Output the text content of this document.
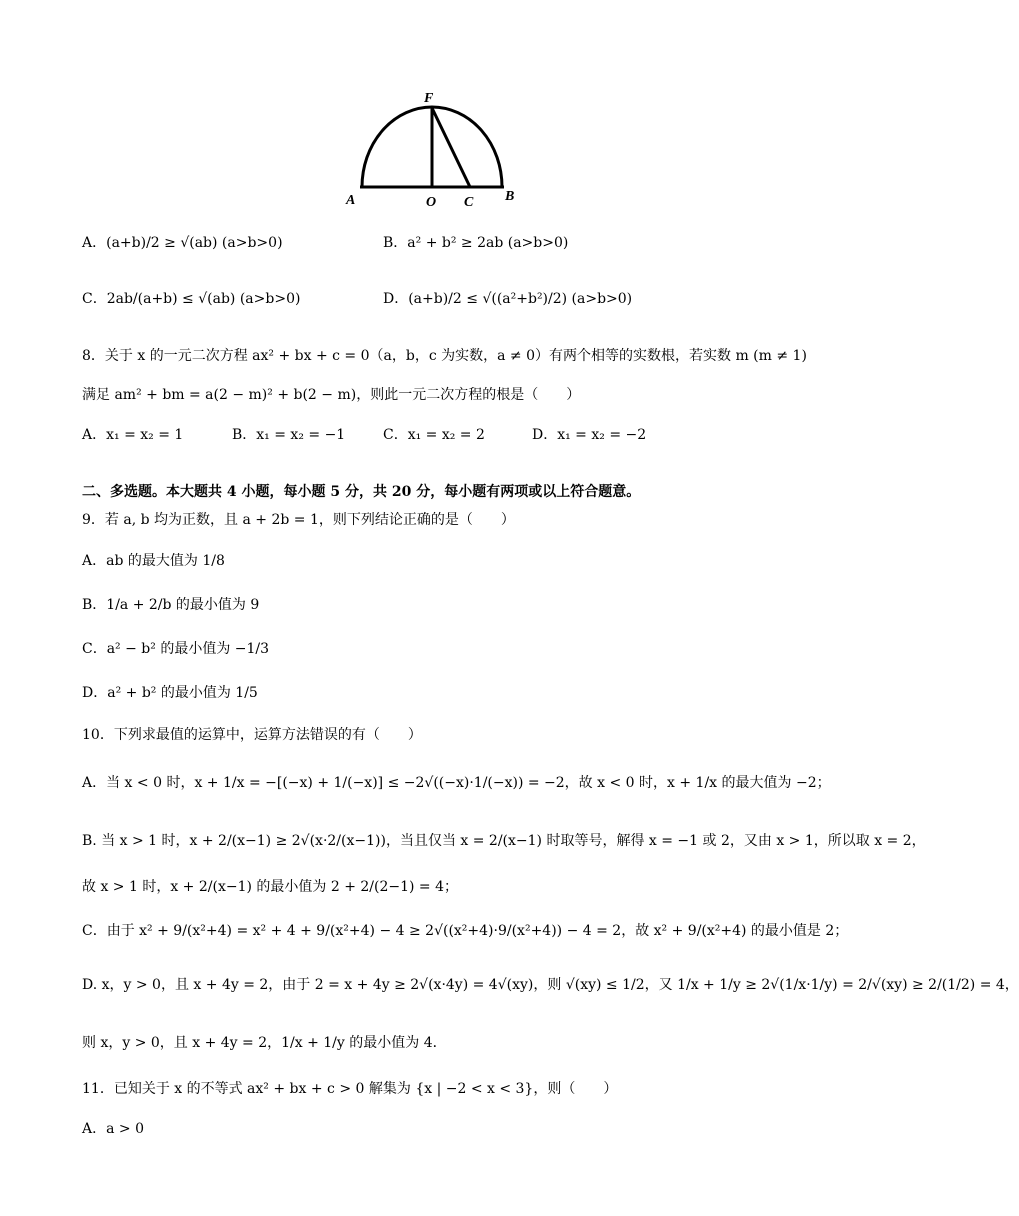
F
A	O C B
A．(a+b)/2 ≥ √(ab) (a>b>0)	B．a² + b² ≥ 2ab (a>b>0)
C．2ab/(a+b) ≤ √(ab) (a>b>0)	D．(a+b)/2 ≤ √((a²+b²)/2) (a>b>0)
8．关于 x 的一元二次方程 ax² + bx + c = 0（a，b，c 为实数，a ≠ 0）有两个相等的实数根，若实数 m (m ≠ 1)
满足 am² + bm = a(2 − m)² + b(2 − m)，则此一元二次方程的根是（　　）
A．x₁ = x₂ = 1	B．x₁ = x₂ = −1	C．x₁ = x₂ = 2	D．x₁ = x₂ = −2
二、多选题。本大题共 4 小题，每小题 5 分，共 20 分，每小题有两项或以上符合题意。
9．若 a, b 均为正数，且 a + 2b = 1，则下列结论正确的是（　　）
A．ab 的最大值为 1/8
B．1/a + 2/b 的最小值为 9
C．a² − b² 的最小值为 −1/3
D．a² + b² 的最小值为 1/5
10．下列求最值的运算中，运算方法错误的有（　　）
A．当 x < 0 时，x + 1/x = −[(−x) + 1/(−x)] ≤ −2√((−x)·1/(−x)) = −2，故 x < 0 时，x + 1/x 的最大值为 −2；
B. 当 x > 1 时，x + 2/(x−1) ≥ 2√(x·2/(x−1))，当且仅当 x = 2/(x−1) 时取等号，解得 x = −1 或 2，又由 x > 1，所以取 x = 2，
故 x > 1 时，x + 2/(x−1) 的最小值为 2 + 2/(2−1) = 4；
C．由于 x² + 9/(x²+4) = x² + 4 + 9/(x²+4) − 4 ≥ 2√((x²+4)·9/(x²+4)) − 4 = 2，故 x² + 9/(x²+4) 的最小值是 2；
D. x，y > 0，且 x + 4y = 2，由于 2 = x + 4y ≥ 2√(x·4y) = 4√(xy)，则 √(xy) ≤ 1/2，又 1/x + 1/y ≥ 2√(1/x·1/y) = 2/√(xy) ≥ 2/(1/2) = 4，
则 x，y > 0，且 x + 4y = 2，1/x + 1/y 的最小值为 4．
11．已知关于 x 的不等式 ax² + bx + c > 0 解集为 {x | −2 < x < 3}，则（　　）
A．a > 0
